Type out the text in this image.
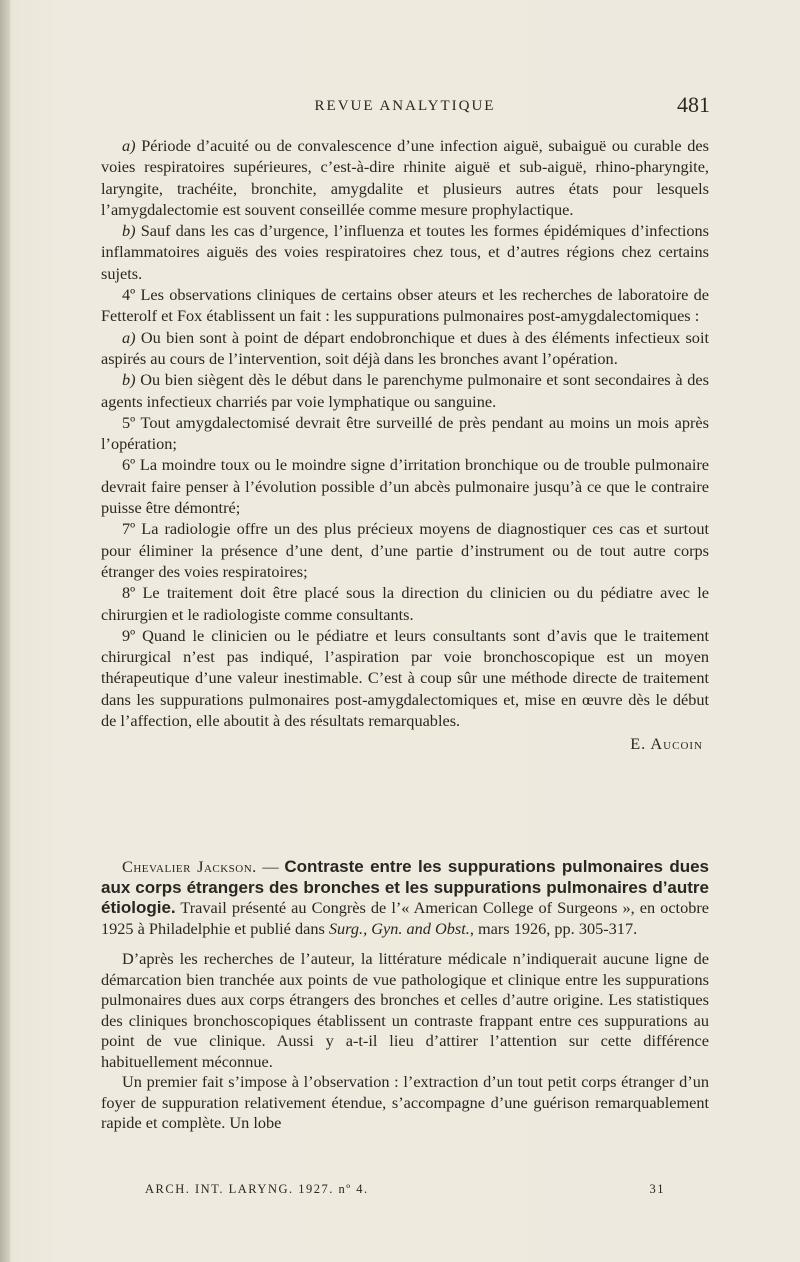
REVUE ANALYTIQUE	481

a) Période d’acuité ou de convalescence d’une infection aiguë, subaiguë ou curable des voies respiratoires supérieures, c’est-à-dire rhinite aiguë et sub-aiguë, rhino-pharyngite, laryngite, trachéite, bronchite, amygdalite et plusieurs autres états pour lesquels l’amygdalectomie est souvent conseillée comme mesure prophylactique.

b) Sauf dans les cas d’urgence, l’influenza et toutes les formes épidémiques d’infections inflammatoires aiguës des voies respiratoires chez tous, et d’autres régions chez certains sujets.

4º Les observations cliniques de certains obser ateurs et les recherches de laboratoire de Fetterolf et Fox établissent un fait : les suppurations pulmonaires post-amygdalectomiques :

a) Ou bien sont à point de départ endobronchique et dues à des éléments infectieux soit aspirés au cours de l’intervention, soit déjà dans les bronches avant l’opération.

b) Ou bien siègent dès le début dans le parenchyme pulmonaire et sont secondaires à des agents infectieux charriés par voie lymphatique ou sanguine.

5º Tout amygdalectomisé devrait être surveillé de près pendant au moins un mois après l’opération;

6º La moindre toux ou le moindre signe d’irritation bronchique ou de trouble pulmonaire devrait faire penser à l’évolution possible d’un abcès pulmonaire jusqu’à ce que le contraire puisse être démontré;

7º La radiologie offre un des plus précieux moyens de diagnostiquer ces cas et surtout pour éliminer la présence d’une dent, d’une partie d’instrument ou de tout autre corps étranger des voies respiratoires;

8º Le traitement doit être placé sous la direction du clinicien ou du pédiatre avec le chirurgien et le radiologiste comme consultants.

9º Quand le clinicien ou le pédiatre et leurs consultants sont d’avis que le traitement chirurgical n’est pas indiqué, l’aspiration par voie bronchoscopique est un moyen thérapeutique d’une valeur inestimable. C’est à coup sûr une méthode directe de traitement dans les suppurations pulmonaires post-amygdalectomiques et, mise en œuvre dès le début de l’affection, elle aboutit à des résultats remarquables.

E. Aucoin

Chevalier Jackson. — Contraste entre les suppurations pulmonaires dues aux corps étrangers des bronches et les suppurations pulmonaires d’autre étiologie. Travail présenté au Congrès de l’« American College of Surgeons », en octobre 1925 à Philadelphie et publié dans Surg., Gyn. and Obst., mars 1926, pp. 305-317.

D’après les recherches de l’auteur, la littérature médicale n’indiquerait aucune ligne de démarcation bien tranchée aux points de vue pathologique et clinique entre les suppurations pulmonaires dues aux corps étrangers des bronches et celles d’autre origine. Les statistiques des cliniques bronchoscopiques établissent un contraste frappant entre ces suppurations au point de vue clinique. Aussi y a-t-il lieu d’attirer l’attention sur cette différence habituellement méconnue.

Un premier fait s’impose à l’observation : l’extraction d’un tout petit corps étranger d’un foyer de suppuration relativement étendue, s’accompagne d’une guérison remarquablement rapide et complète. Un lobe

ARCH. INT. LARYNG. 1927. nº 4.	31
